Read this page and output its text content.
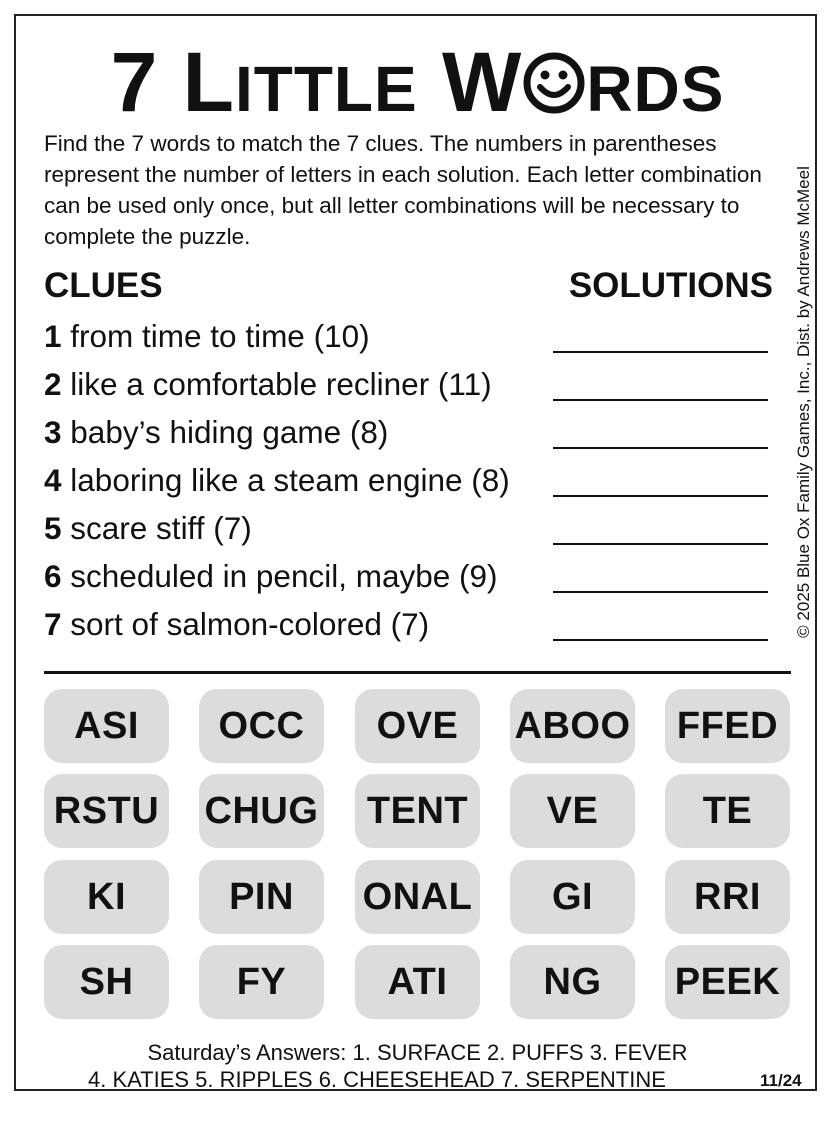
7 LITTLE W RDS
Find the 7 words to match the 7 clues. The numbers in parentheses represent the number of letters in each solution. Each letter combination can be used only once, but all letter combinations will be necessary to complete the puzzle.
CLUES	SOLUTIONS
1 from time to time (10)
2 like a comfortable recliner (11)
3 baby’s hiding game (8)
4 laboring like a steam engine (8)
5 scare stiff (7)
6 scheduled in pencil, maybe (9)
7 sort of salmon-colored (7)
ASI	OCC	OVE	ABOO	FFED
RSTU CHUG	TENT	VE	TE
KI	PIN	ONAL	GI	RRI
SH	FY	ATI	NG	PEEK
© 2025 Blue Ox Family Games, Inc., Dist. by Andrews McMeel
Saturday’s Answers: 1. SURFACE 2. PUFFS 3. FEVER
4. KATIES 5. RIPPLES 6. CHEESEHEAD 7. SERPENTINE	11/24
